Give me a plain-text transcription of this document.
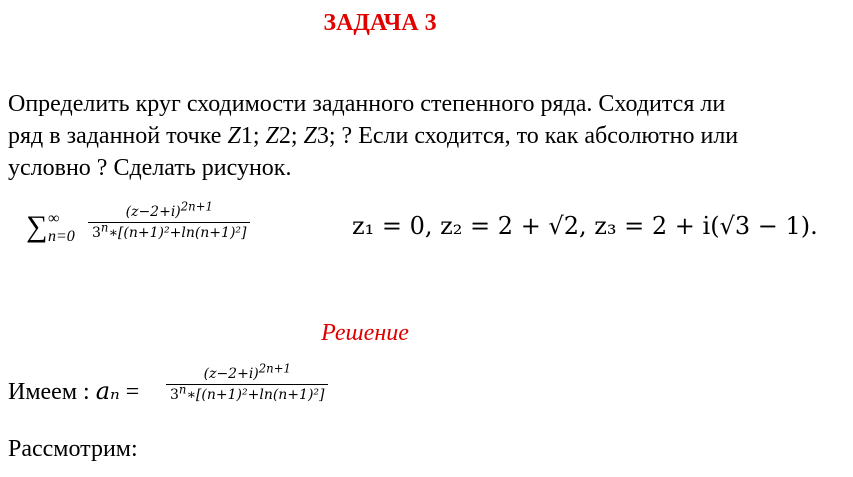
ЗАДАЧА 3

Определить круг сходимости заданного степенного ряда. Сходится ли

ряд в заданной точке Z1; Z2; Z3; ? Если сходится, то как абсолютно или

условно ? Сделать рисунок.

∑ ∞
$n=0 \frac{(z-2+i)^{2n+1}}{3^n∗[(n+1)^2+\ln(n+1)^2]}$	z₁ = 0, z₂ = 2 + √2, z₃ = 2 + i(√3 − 1).
Решение
Имеем : $a_n = \frac{(z-2+i)^{2n+1}}{3^n∗[(n+1)^2+\ln(n+1)^2]}$
Рассмотрим:
